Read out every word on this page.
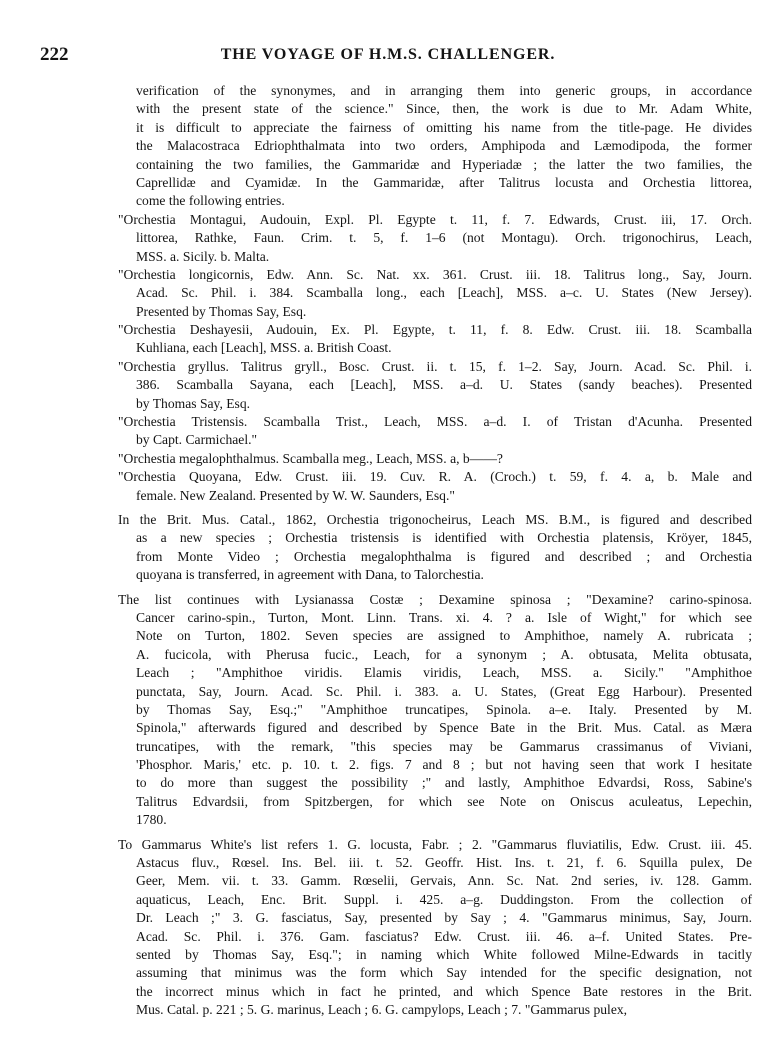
222	THE VOYAGE OF H.M.S. CHALLENGER.
verification of the synonymes, and in arranging them into generic groups, in accordance
with the present state of the science." Since, then, the work is due to Mr. Adam White,
it is difficult to appreciate the fairness of omitting his name from the title-page. He divides
the Malacostraca Edriophthalmata into two orders, Amphipoda and Læmodipoda, the former
containing the two families, the Gammaridæ and Hyperiadæ ; the latter the two families, the
Caprellidæ and Cyamidæ. In the Gammaridæ, after Talitrus locusta and Orchestia littorea,
come the following entries.
"Orchestia Montagui, Audouin, Expl. Pl. Egypte t. 11, f. 7. Edwards, Crust. iii, 17. Orch.
littorea, Rathke, Faun. Crim. t. 5, f. 1–6 (not Montagu). Orch. trigonochirus, Leach,
MSS. a. Sicily. b. Malta.
"Orchestia longicornis, Edw. Ann. Sc. Nat. xx. 361. Crust. iii. 18. Talitrus long., Say, Journ.
Acad. Sc. Phil. i. 384. Scamballa long., each [Leach], MSS. a–c. U. States (New Jersey).
Presented by Thomas Say, Esq.
"Orchestia Deshayesii, Audouin, Ex. Pl. Egypte, t. 11, f. 8. Edw. Crust. iii. 18. Scamballa
Kuhliana, each [Leach], MSS. a. British Coast.
"Orchestia gryllus. Talitrus gryll., Bosc. Crust. ii. t. 15, f. 1–2. Say, Journ. Acad. Sc. Phil. i.
386. Scamballa Sayana, each [Leach], MSS. a–d. U. States (sandy beaches). Presented
by Thomas Say, Esq.
"Orchestia Tristensis. Scamballa Trist., Leach, MSS. a–d. I. of Tristan d'Acunha. Presented
by Capt. Carmichael."
"Orchestia megalophthalmus. Scamballa meg., Leach, MSS. a, b——?
"Orchestia Quoyana, Edw. Crust. iii. 19. Cuv. R. A. (Croch.) t. 59, f. 4. a, b. Male and
female. New Zealand. Presented by W. W. Saunders, Esq."
In the Brit. Mus. Catal., 1862, Orchestia trigonocheirus, Leach MS. B.M., is figured and described
as a new species ; Orchestia tristensis is identified with Orchestia platensis, Kröyer, 1845,
from Monte Video ; Orchestia megalophthalma is figured and described ; and Orchestia
quoyana is transferred, in agreement with Dana, to Talorchestia.
The list continues with Lysianassa Costæ ; Dexamine spinosa ; "Dexamine? carino-spinosa.
Cancer carino-spin., Turton, Mont. Linn. Trans. xi. 4. ? a. Isle of Wight," for which see
Note on Turton, 1802. Seven species are assigned to Amphithoe, namely A. rubricata ;
A. fucicola, with Pherusa fucic., Leach, for a synonym ; A. obtusata, Melita obtusata,
Leach ; "Amphithoe viridis. Elamis viridis, Leach, MSS. a. Sicily." "Amphithoe
punctata, Say, Journ. Acad. Sc. Phil. i. 383. a. U. States, (Great Egg Harbour). Presented
by Thomas Say, Esq.;" "Amphithoe truncatipes, Spinola. a–e. Italy. Presented by M.
Spinola," afterwards figured and described by Spence Bate in the Brit. Mus. Catal. as Mæra
truncatipes, with the remark, "this species may be Gammarus crassimanus of Viviani,
'Phosphor. Maris,' etc. p. 10. t. 2. figs. 7 and 8 ; but not having seen that work I hesitate
to do more than suggest the possibility ;" and lastly, Amphithoe Edvardsi, Ross, Sabine's
Talitrus Edvardsii, from Spitzbergen, for which see Note on Oniscus aculeatus, Lepechin,
1780.
To Gammarus White's list refers 1. G. locusta, Fabr. ; 2. "Gammarus fluviatilis, Edw. Crust. iii. 45.
Astacus fluv., Rœsel. Ins. Bel. iii. t. 52. Geoffr. Hist. Ins. t. 21, f. 6. Squilla pulex, De
Geer, Mem. vii. t. 33. Gamm. Rœselii, Gervais, Ann. Sc. Nat. 2nd series, iv. 128. Gamm.
aquaticus, Leach, Enc. Brit. Suppl. i. 425. a–g. Duddingston. From the collection of
Dr. Leach ;" 3. G. fasciatus, Say, presented by Say ; 4. "Gammarus minimus, Say, Journ.
Acad. Sc. Phil. i. 376. Gam. fasciatus? Edw. Crust. iii. 46. a–f. United States. Pre-
sented by Thomas Say, Esq."; in naming which White followed Milne-Edwards in tacitly
assuming that minimus was the form which Say intended for the specific designation, not
the incorrect minus which in fact he printed, and which Spence Bate restores in the Brit.
Mus. Catal. p. 221 ; 5. G. marinus, Leach ; 6. G. campylops, Leach ; 7. "Gammarus pulex,
